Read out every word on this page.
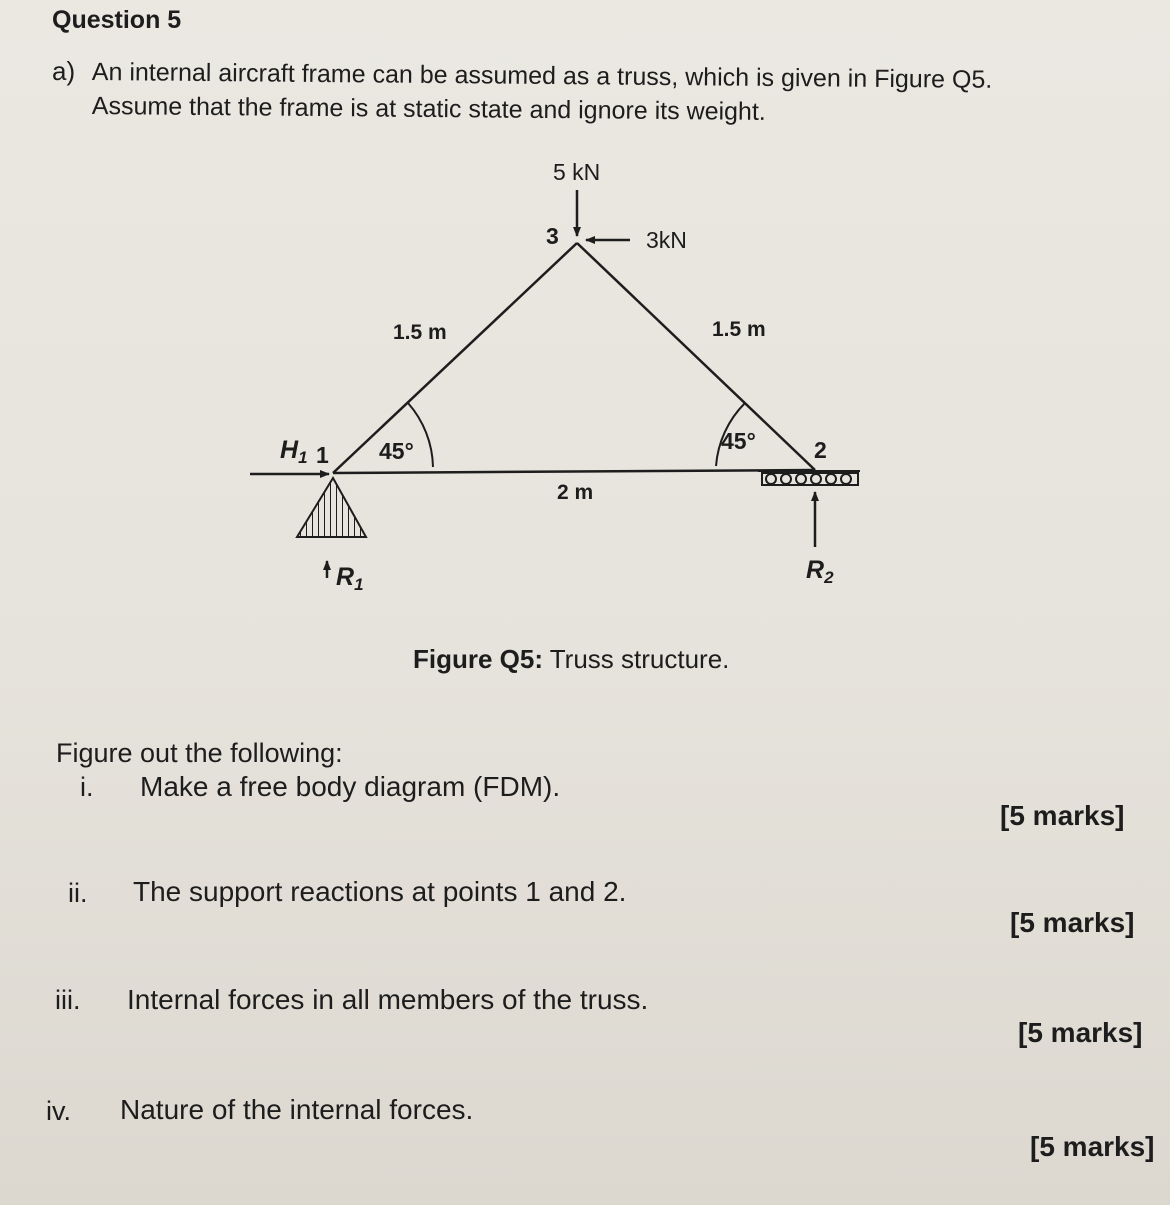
Question 5
a) An internal aircraft frame can be assumed as a truss, which is given in Figure Q5.
Assume that the frame is at static state and ignore its weight.
5 kN
3kN
3
1.5 m	1.5 m
45°	45°
2 m
$H_1$ 1	2
$R_1$
$R_2$
Figure Q5: Truss structure.
Figure out the following:
i. Make a free body diagram (FDM).
[5 marks]
ii. The support reactions at points 1 and 2.
[5 marks]
iii. Internal forces in all members of the truss.
[5 marks]
iv. Nature of the internal forces.
[5 marks]
